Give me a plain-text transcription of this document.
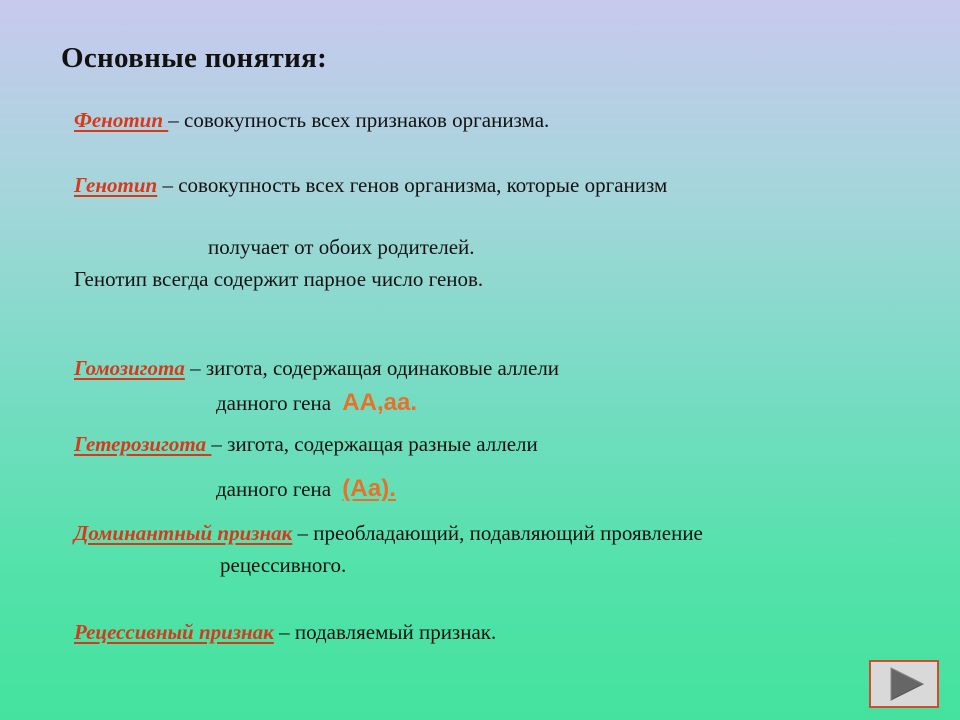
Основные понятия:
Фенотип – совокупность всех признаков организма.
Генотип – совокупность всех генов организма, которые организм
получает от обоих родителей.
Генотип всегда содержит парное число генов.
Гомозигота – зигота, содержащая одинаковые аллели
данного гена АА,аа.
Гетерозигота – зигота, содержащая разные аллели
данного гена (Аа).
Доминантный признак – преобладающий, подавляющий проявление
рецессивного.
Рецессивный признак – подавляемый признак.
